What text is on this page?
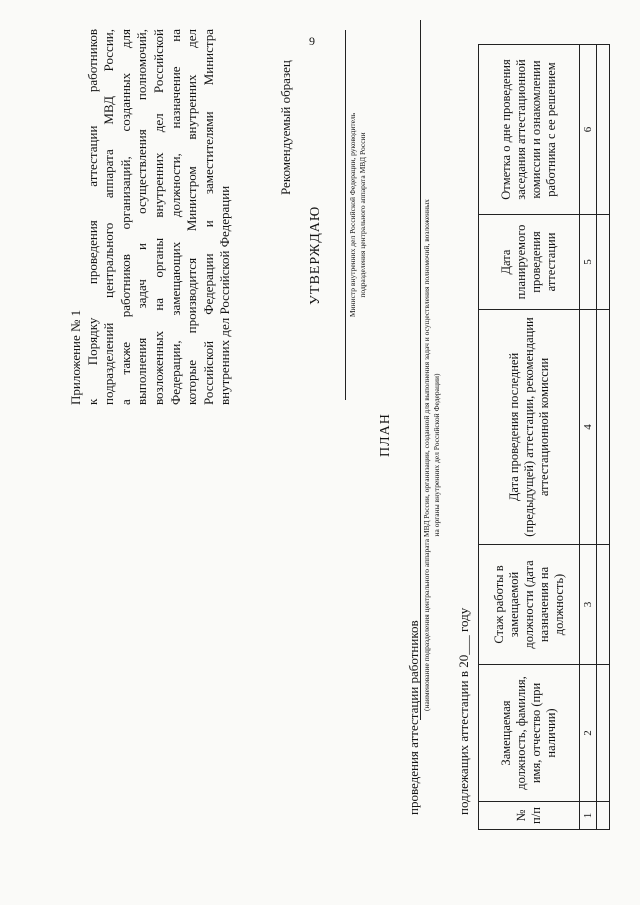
9
Приложение № 1 к Порядку проведения аттестации работников подразделений центрального аппарата МВД России, а также работников организаций, созданных для выполнения задач и осуществления полномочий, возложенных на органы внутренних дел Российской Федерации, замещающих должности, назначение на которые производится Министром внутренних дел Российской Федерации и заместителями Министра внутренних дел Российской Федерации
Рекомендуемый образец
УТВЕРЖДАЮ	Министр внутренних дел Российской Федерации, руководитель подразделения центрального аппарата МВД России
ПЛАН
проведения аттестации работников
(наименование подразделения центрального аппарата МВД России, организации, созданной для выполнения задач и осуществления полномочий, возложенных на органы внутренних дел Российской Федерации)
подлежащих аттестации в 20___ году
№ п/п	Замещаемая должность, фамилия, имя, отчество (при наличии)	Стаж работы в замещаемой должности (дата назначения на должность)	Дата проведения последней (предыдущей) аттестации, рекомендации аттестационной комиссии	Дата планируемого проведения аттестации	Отметка о дне проведения заседания аттестационной комиссии и ознакомлении работника с ее решением
1	2	3	4	5	6
